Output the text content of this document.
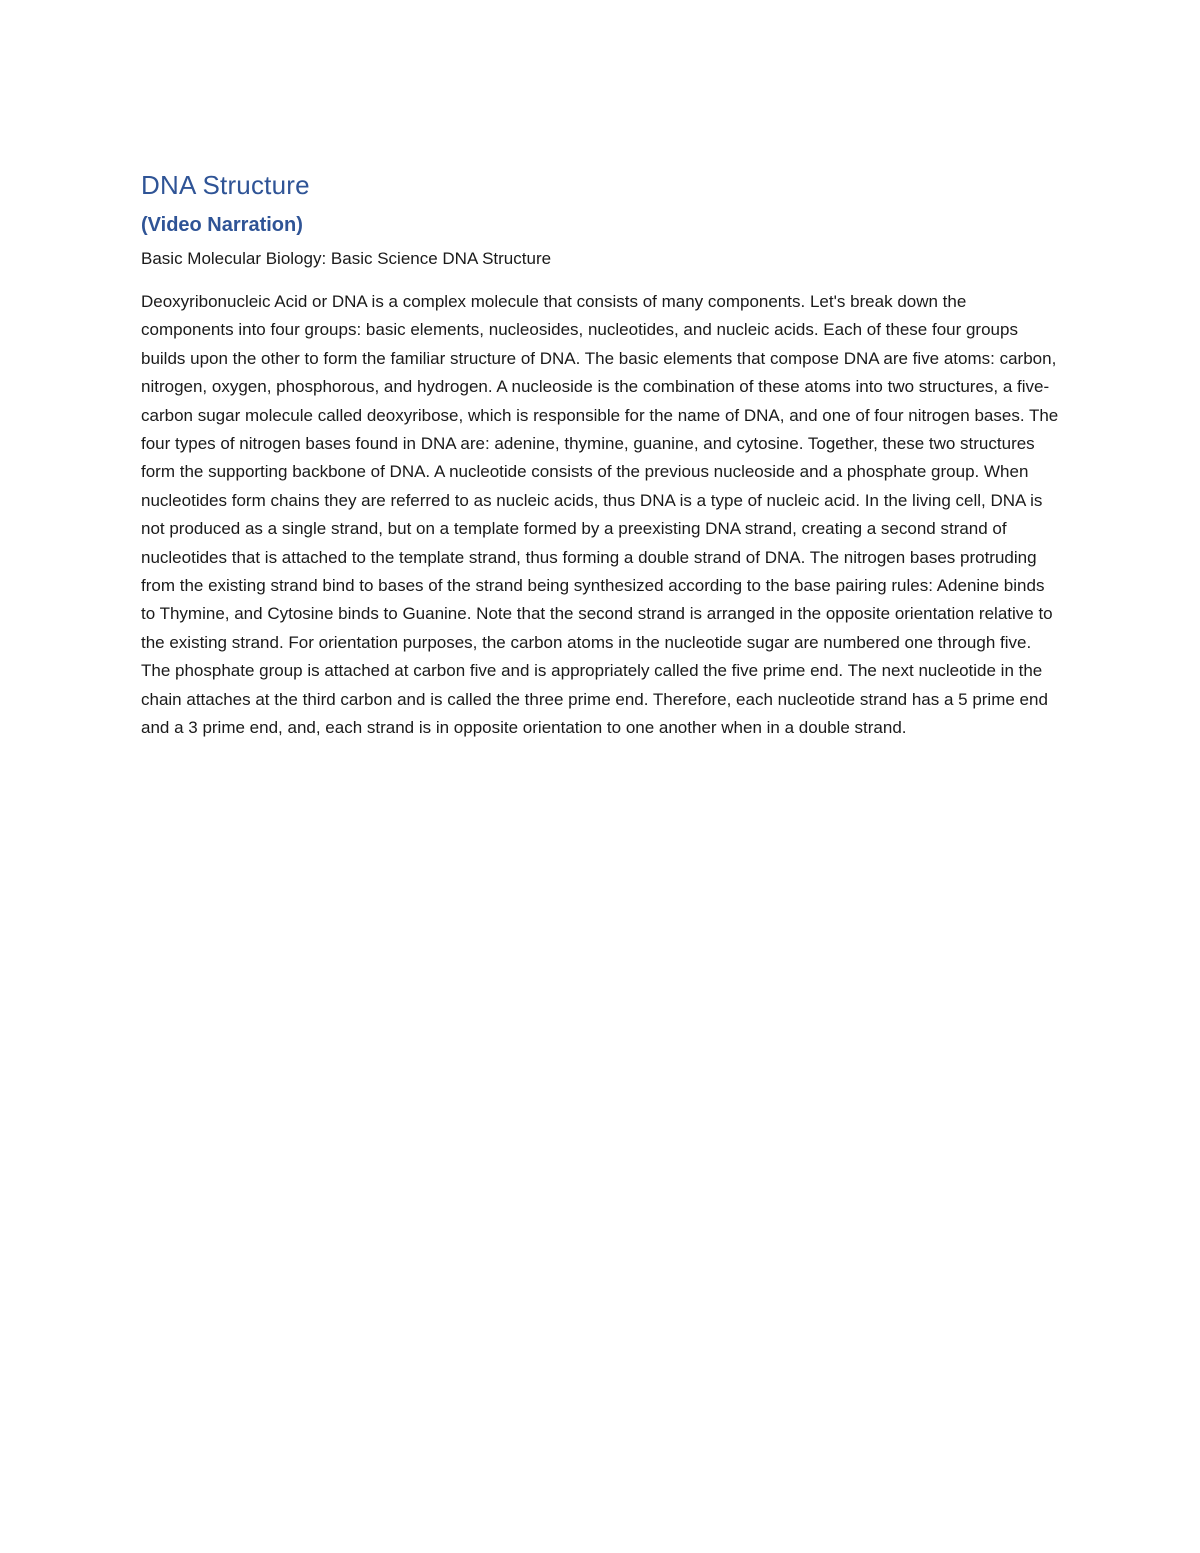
DNA Structure
(Video Narration)

Basic Molecular Biology: Basic Science DNA Structure

Deoxyribonucleic Acid or DNA is a complex molecule that consists of many components. Let's break down the components into four groups: basic elements, nucleosides, nucleotides, and nucleic acids. Each of these four groups builds upon the other to form the familiar structure of DNA. The basic elements that compose DNA are five atoms: carbon, nitrogen, oxygen, phosphorous, and hydrogen. A nucleoside is the combination of these atoms into two structures, a five-carbon sugar molecule called deoxyribose, which is responsible for the name of DNA, and one of four nitrogen bases. The four types of nitrogen bases found in DNA are: adenine, thymine, guanine, and cytosine. Together, these two structures form the supporting backbone of DNA. A nucleotide consists of the previous nucleoside and a phosphate group. When nucleotides form chains they are referred to as nucleic acids, thus DNA is a type of nucleic acid. In the living cell, DNA is not produced as a single strand, but on a template formed by a preexisting DNA strand, creating a second strand of nucleotides that is attached to the template strand, thus forming a double strand of DNA. The nitrogen bases protruding from the existing strand bind to bases of the strand being synthesized according to the base pairing rules: Adenine binds to Thymine, and Cytosine binds to Guanine. Note that the second strand is arranged in the opposite orientation relative to the existing strand. For orientation purposes, the carbon atoms in the nucleotide sugar are numbered one through five. The phosphate group is attached at carbon five and is appropriately called the five prime end. The next nucleotide in the chain attaches at the third carbon and is called the three prime end. Therefore, each nucleotide strand has a 5 prime end and a 3 prime end, and, each strand is in opposite orientation to one another when in a double strand.
